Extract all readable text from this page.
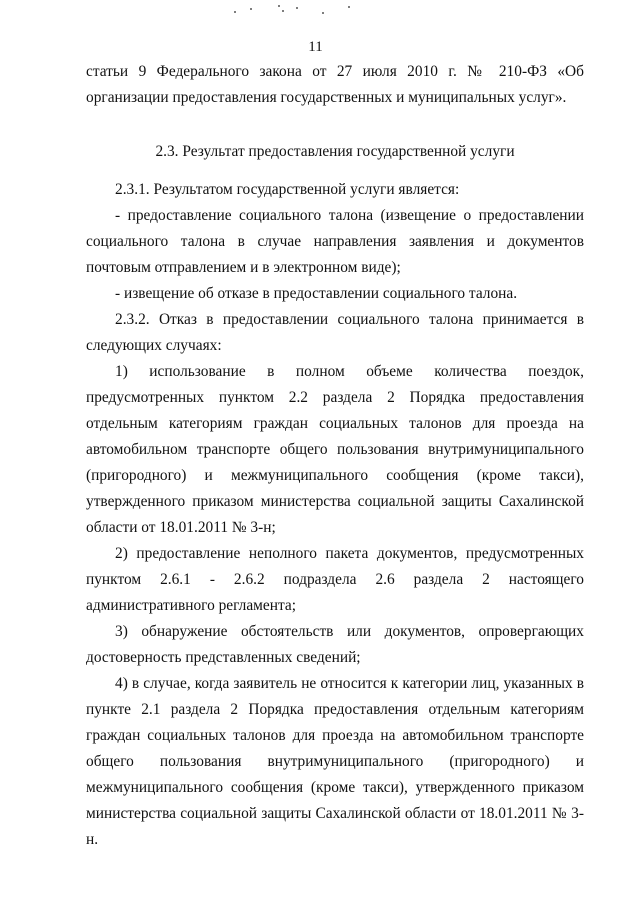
11

статьи 9 Федерального закона от 27 июля 2010 г. № 210-ФЗ «Об организации предоставления государственных и муниципальных услуг».

2.3. Результат предоставления государственной услуги

2.3.1. Результатом государственной услуги является:

- предоставление социального талона (извещение о предоставлении социального талона в случае направления заявления и документов почтовым отправлением и в электронном виде);

- извещение об отказе в предоставлении социального талона.

2.3.2. Отказ в предоставлении социального талона принимается в следующих случаях:

1) использование в полном объеме количества поездок, предусмотренных пунктом 2.2 раздела 2 Порядка предоставления отдельным категориям граждан социальных талонов для проезда на автомобильном транспорте общего пользования внутримуниципального (пригородного) и межмуниципального сообщения (кроме такси), утвержденного приказом министерства социальной защиты Сахалинской области от 18.01.2011 № 3-н;

2) предоставление неполного пакета документов, предусмотренных пунктом 2.6.1 - 2.6.2 подраздела 2.6 раздела 2 настоящего административного регламента;

3) обнаружение обстоятельств или документов, опровергающих достоверность представленных сведений;

4) в случае, когда заявитель не относится к категории лиц, указанных в пункте 2.1 раздела 2 Порядка предоставления отдельным категориям граждан социальных талонов для проезда на автомобильном транспорте общего пользования внутримуниципального (пригородного) и межмуниципального сообщения (кроме такси), утвержденного приказом министерства социальной защиты Сахалинской области от 18.01.2011 № 3-н.
